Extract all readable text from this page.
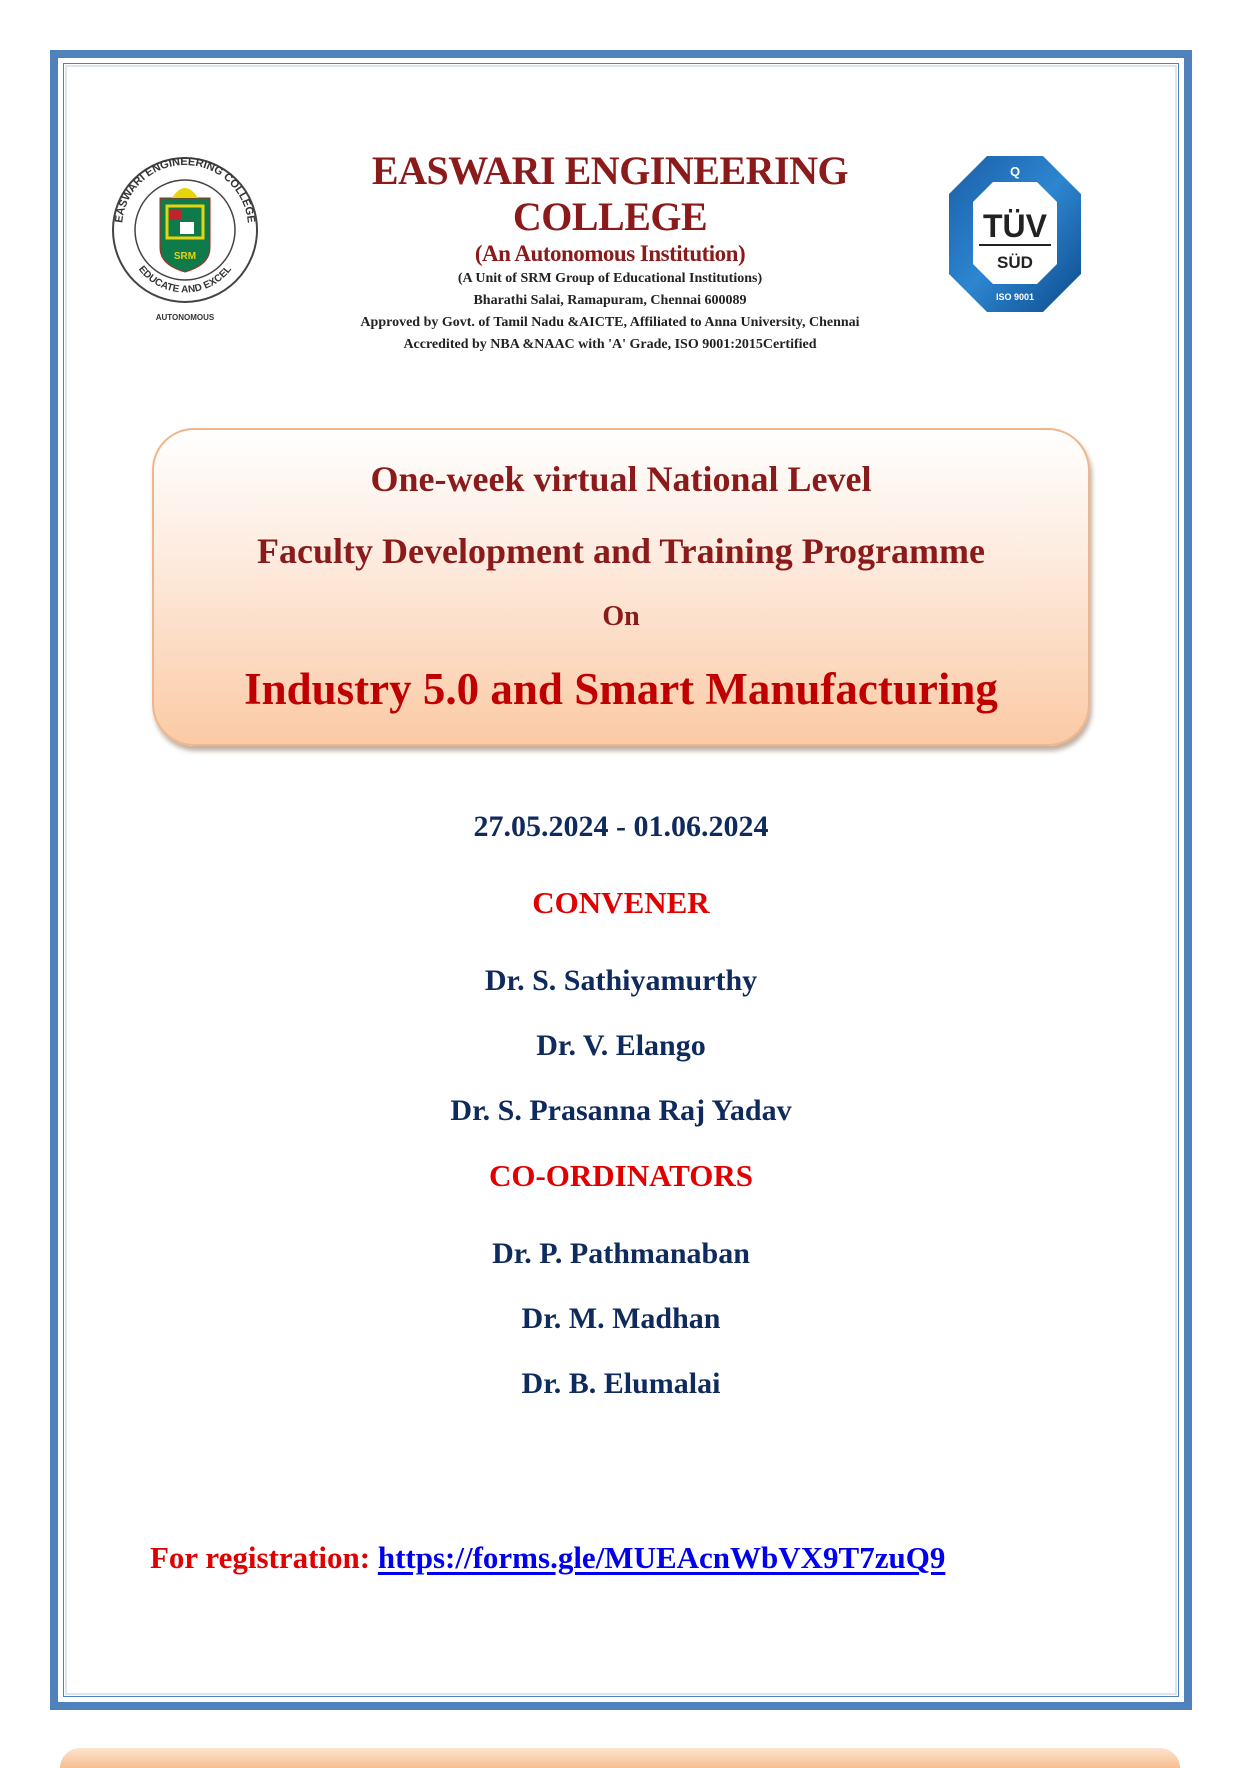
EASWARI ENGINEERING COLLEGE
EDUCATE AND EXCEL
SRM
AUTONOMOUS
Q
TÜV
SÜD
ISO 9001
EASWARI ENGINEERING
COLLEGE
(An Autonomous Institution)
(A Unit of SRM Group of Educational Institutions)
Bharathi Salai, Ramapuram, Chennai 600089
Approved by Govt. of Tamil Nadu &AICTE, Affiliated to Anna University, Chennai
Accredited by NBA &NAAC with 'A' Grade, ISO 9001:2015Certified
One-week virtual National Level
Faculty Development and Training Programme
On
Industry 5.0 and Smart Manufacturing
27.05.2024 - 01.06.2024
CONVENER
Dr. S. Sathiyamurthy
Dr. V. Elango
Dr. S. Prasanna Raj Yadav
CO-ORDINATORS
Dr. P. Pathmanaban
Dr. M. Madhan
Dr. B. Elumalai
For registration: https://forms.gle/MUEAcnWbVX9T7zuQ9
